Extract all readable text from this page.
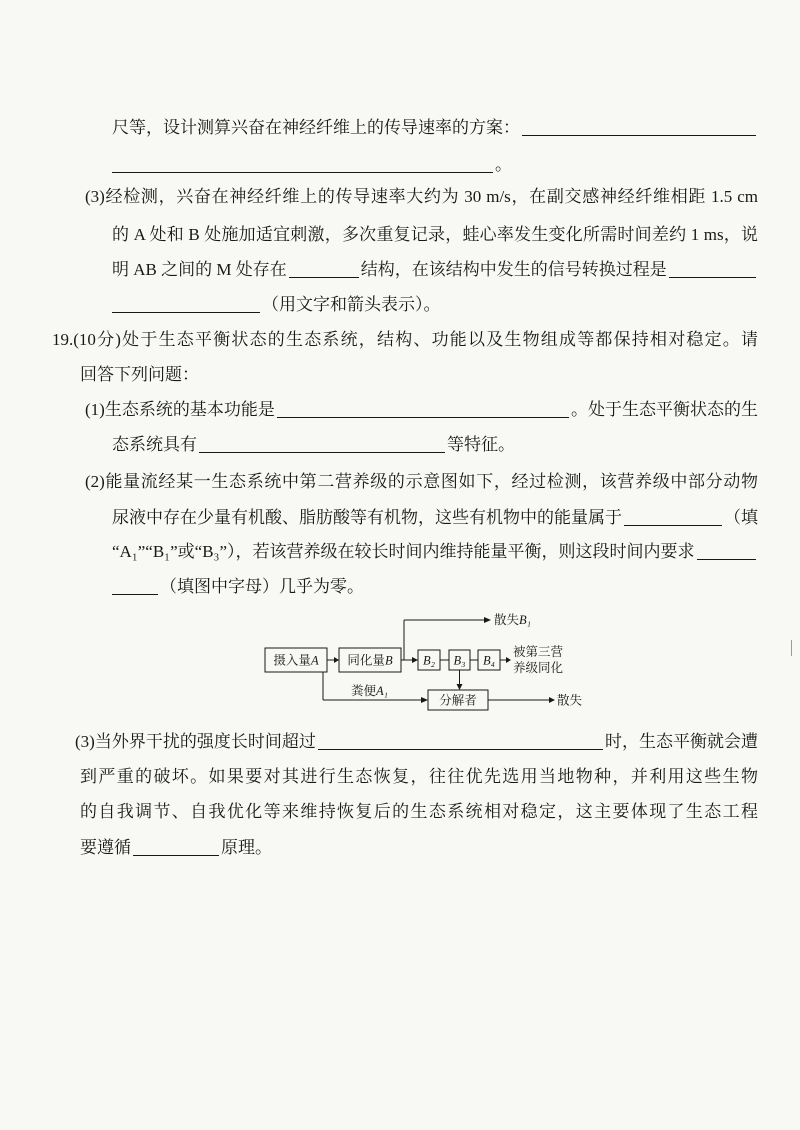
尺等，设计测算兴奋在神经纤维上的传导速率的方案：
。
(3)经检测，兴奋在神经纤维上的传导速率大约为 30 m/s，在副交感神经纤维相距 1.5 cm
的 A 处和 B 处施加适宜刺激，多次重复记录，蛙心率发生变化所需时间差约 1 ms，说
明 AB 之间的 M 处存在	结构，在该结构中发生的信号转换过程是
（用文字和箭头表示）。
19.(10分)处于生态平衡状态的生态系统，结构、功能以及生物组成等都保持相对稳定。请
回答下列问题：
(1)生态系统的基本功能是	。处于生态平衡状态的生
态系统具有	等特征。
(2)能量流经某一生态系统中第二营养级的示意图如下，经过检测，该营养级中部分动物
尿液中存在少量有机酸、脂肪酸等有机物，这些有机物中的能量属于	（填
“A₁”“B₁”或“B₃”），若该营养级在较长时间内维持能量平衡，则这段时间内要求
（填图中字母）几乎为零。
散失B₁
摄入量A 同化量B B₂ B₃ B₄
被第三营
养级同化
粪便A₁
分解者	散失
(3)当外界干扰的强度长时间超过	时，生态平衡就会遭
到严重的破坏。如果要对其进行生态恢复，往往优先选用当地物种，并利用这些生物
的自我调节、自我优化等来维持恢复后的生态系统相对稳定，这主要体现了生态工程
要遵循	原理。
